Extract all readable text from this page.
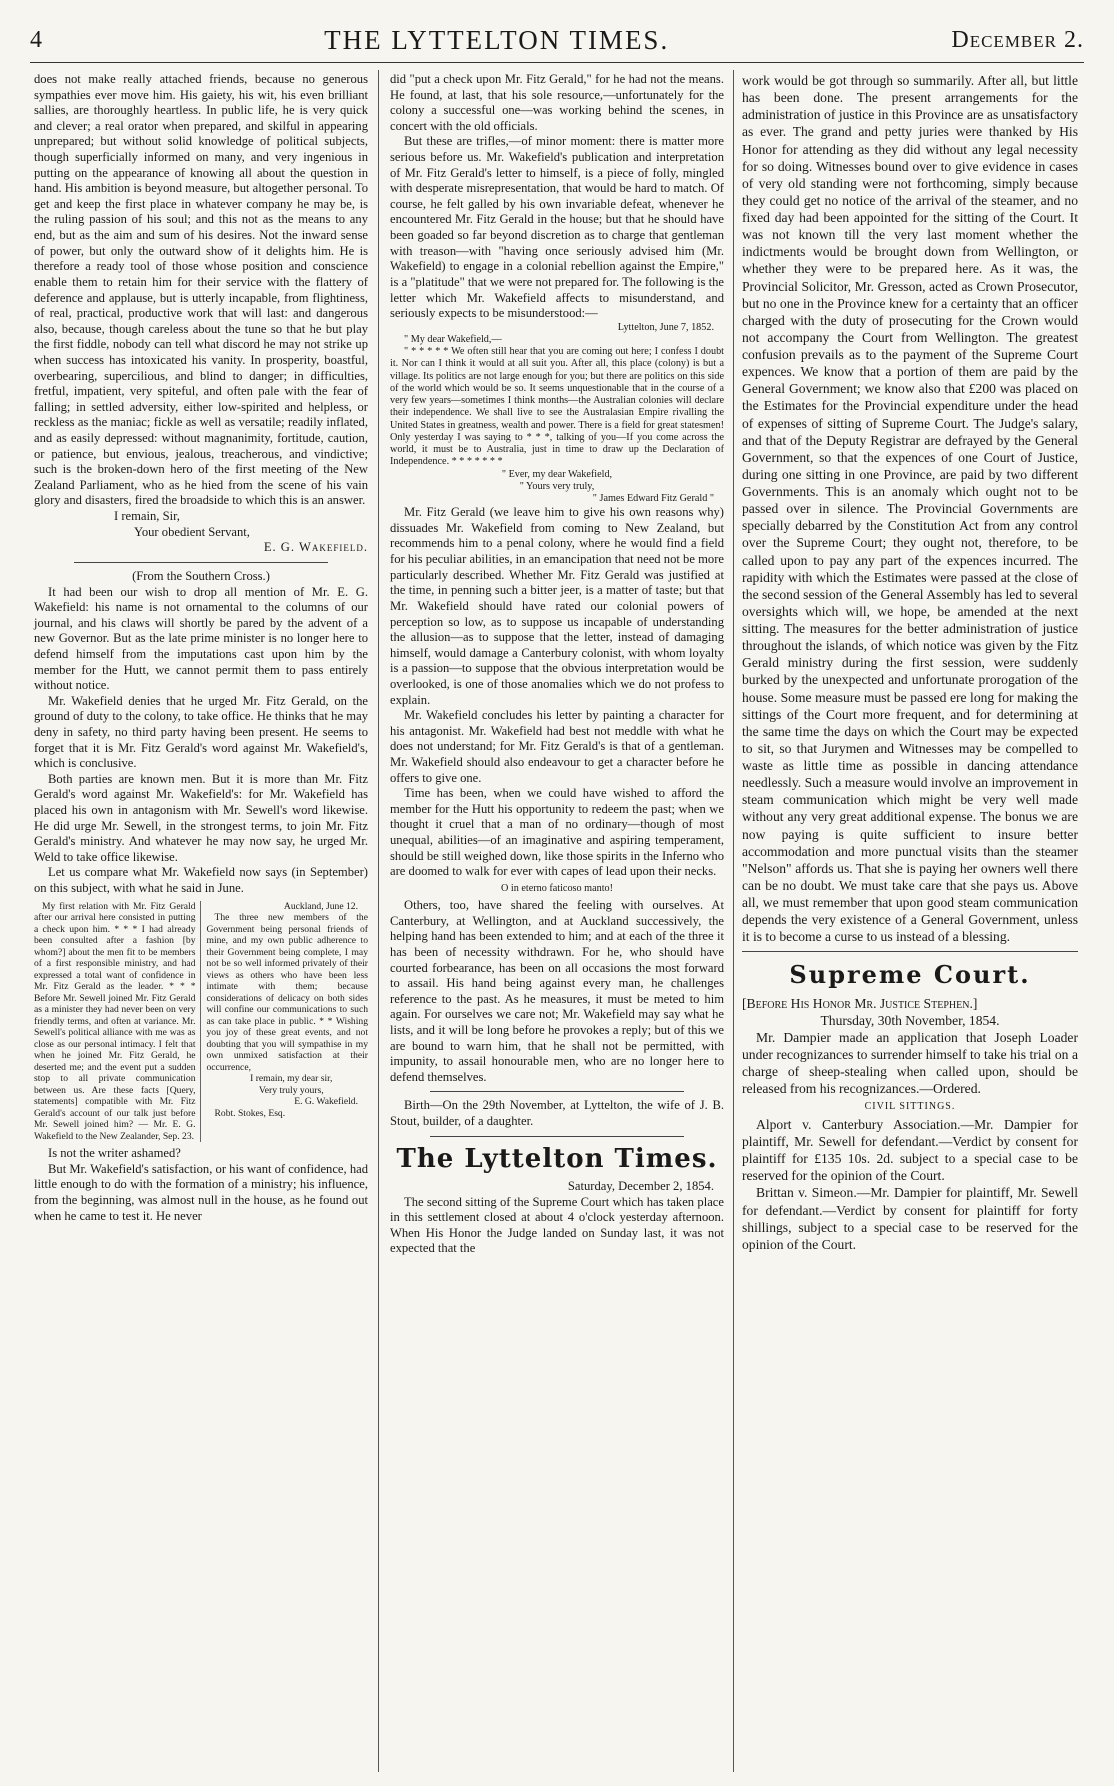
4	THE LYTTELTON TIMES.	December 2.

does not make really attached friends, because no generous sympathies ever move him. His gaiety, his wit, his even brilliant sallies, are thoroughly heartless. In public life, he is very quick and clever; a real orator when prepared, and skilful in appearing unprepared; but without solid knowledge of political subjects, though superficially informed on many, and very ingenious in putting on the appearance of knowing all about the question in hand. His ambition is beyond measure, but altogether personal. To get and keep the first place in whatever company he may be, is the ruling passion of his soul; and this not as the means to any end, but as the aim and sum of his desires. Not the inward sense of power, but only the outward show of it delights him. He is therefore a ready tool of those whose position and conscience enable them to retain him for their service with the flattery of deference and applause, but is utterly incapable, from flightiness, of real, practical, productive work that will last: and dangerous also, because, though careless about the tune so that he but play the first fiddle, nobody can tell what discord he may not strike up when success has intoxicated his vanity. In prosperity, boastful, overbearing, supercilious, and blind to danger; in difficulties, fretful, impatient, very spiteful, and often pale with the fear of falling; in settled adversity, either low-spirited and helpless, or reckless as the maniac; fickle as well as versatile; readily inflated, and as easily depressed: without magnanimity, fortitude, caution, or patience, but envious, jealous, treacherous, and vindictive; such is the broken-down hero of the first meeting of the New Zealand Parliament, who as he hied from the scene of his vain glory and disasters, fired the broadside to which this is an answer.

I remain, Sir,

Your obedient Servant,

E. G. Wakefield.

(From the Southern Cross.)

It had been our wish to drop all mention of Mr. E. G. Wakefield: his name is not ornamental to the columns of our journal, and his claws will shortly be pared by the advent of a new Governor. But as the late prime minister is no longer here to defend himself from the imputations cast upon him by the member for the Hutt, we cannot permit them to pass entirely without notice.

Mr. Wakefield denies that he urged Mr. Fitz Gerald, on the ground of duty to the colony, to take office. He thinks that he may deny in safety, no third party having been present. He seems to forget that it is Mr. Fitz Gerald's word against Mr. Wakefield's, which is conclusive.

Both parties are known men. But it is more than Mr. Fitz Gerald's word against Mr. Wakefield's: for Mr. Wakefield has placed his own in antagonism with Mr. Sewell's word likewise. He did urge Mr. Sewell, in the strongest terms, to join Mr. Fitz Gerald's ministry. And whatever he may now say, he urged Mr. Weld to take office likewise.

Let us compare what Mr. Wakefield now says (in September) on this subject, with what he said in June.

My first relation with Mr. Fitz Gerald after our arrival here consisted in putting a check upon him. * * * I had already been consulted after a fashion [by whom?] about the men fit to be members of a first responsible ministry, and had expressed a total want of confidence in Mr. Fitz Gerald as the leader. * * * Before Mr. Sewell joined Mr. Fitz Gerald as a minister they had never been on very friendly terms, and often at variance. Mr. Sewell's political alliance with me was as close as our personal intimacy. I felt that when he joined Mr. Fitz Gerald, he deserted me; and the event put a sudden stop to all private communication between us. Are these facts [Query, statements] compatible with Mr. Fitz Gerald's account of our talk just before Mr. Sewell joined him? — Mr. E. G. Wakefield to the New Zealander, Sep. 23.

Auckland, June 12.

The three new members of the Government being personal friends of mine, and my own public adherence to their Government being complete, I may not be so well informed privately of their views as others who have been less intimate with them; because considerations of delicacy on both sides will confine our communications to such as can take place in public. * * Wishing you joy of these great events, and not doubting that you will sympathise in my own unmixed satisfaction at their occurrence,

I remain, my dear sir,

Very truly yours,

E. G. Wakefield.

Robt. Stokes, Esq.

Is not the writer ashamed?

But Mr. Wakefield's satisfaction, or his want of confidence, had little enough to do with the formation of a ministry; his influence, from the beginning, was almost null in the house, as he found out when he came to test it. He never

did "put a check upon Mr. Fitz Gerald," for he had not the means. He found, at last, that his sole resource,—unfortunately for the colony a successful one—was working behind the scenes, in concert with the old officials.

But these are trifles,—of minor moment: there is matter more serious before us. Mr. Wakefield's publication and interpretation of Mr. Fitz Gerald's letter to himself, is a piece of folly, mingled with desperate misrepresentation, that would be hard to match. Of course, he felt galled by his own invariable defeat, whenever he encountered Mr. Fitz Gerald in the house; but that he should have been goaded so far beyond discretion as to charge that gentleman with treason—with "having once seriously advised him (Mr. Wakefield) to engage in a colonial rebellion against the Empire," is a "platitude" that we were not prepared for. The following is the letter which Mr. Wakefield affects to misunderstand, and seriously expects to be misunderstood:—

Lyttelton, June 7, 1852.

" My dear Wakefield,—

" * * * * * We often still hear that you are coming out here; I confess I doubt it. Nor can I think it would at all suit you. After all, this place (colony) is but a village. Its politics are not large enough for you; but there are politics on this side of the world which would be so. It seems unquestionable that in the course of a very few years—sometimes I think months—the Australian colonies will declare their independence. We shall live to see the Australasian Empire rivalling the United States in greatness, wealth and power. There is a field for great statesmen! Only yesterday I was saying to * * *, talking of you—If you come across the world, it must be to Australia, just in time to draw up the Declaration of Independence. * * * * * * *

" Ever, my dear Wakefield,

" Yours very truly,

" James Edward Fitz Gerald "

Mr. Fitz Gerald (we leave him to give his own reasons why) dissuades Mr. Wakefield from coming to New Zealand, but recommends him to a penal colony, where he would find a field for his peculiar abilities, in an emancipation that need not be more particularly described. Whether Mr. Fitz Gerald was justified at the time, in penning such a bitter jeer, is a matter of taste; but that Mr. Wakefield should have rated our colonial powers of perception so low, as to suppose us incapable of understanding the allusion—as to suppose that the letter, instead of damaging himself, would damage a Canterbury colonist, with whom loyalty is a passion—to suppose that the obvious interpretation would be overlooked, is one of those anomalies which we do not profess to explain.

Mr. Wakefield concludes his letter by painting a character for his antagonist. Mr. Wakefield had best not meddle with what he does not understand; for Mr. Fitz Gerald's is that of a gentleman. Mr. Wakefield should also endeavour to get a character before he offers to give one.

Time has been, when we could have wished to afford the member for the Hutt his opportunity to redeem the past; when we thought it cruel that a man of no ordinary—though of most unequal, abilities—of an imaginative and aspiring temperament, should be still weighed down, like those spirits in the Inferno who are doomed to walk for ever with capes of lead upon their necks.

O in eterno faticoso manto!

Others, too, have shared the feeling with ourselves. At Canterbury, at Wellington, and at Auckland successively, the helping hand has been extended to him; and at each of the three it has been of necessity withdrawn. For he, who should have courted forbearance, has been on all occasions the most forward to assail. His hand being against every man, he challenges reference to the past. As he measures, it must be meted to him again. For ourselves we care not; Mr. Wakefield may say what he lists, and it will be long before he provokes a reply; but of this we are bound to warn him, that he shall not be permitted, with impunity, to assail honourable men, who are no longer here to defend themselves.

Birth—On the 29th November, at Lyttelton, the wife of J. B. Stout, builder, of a daughter.

The Lyttelton Times.

Saturday, December 2, 1854.

The second sitting of the Supreme Court which has taken place in this settlement closed at about 4 o'clock yesterday afternoon. When His Honor the Judge landed on Sunday last, it was not expected that the

work would be got through so summarily. After all, but little has been done. The present arrangements for the administration of justice in this Province are as unsatisfactory as ever. The grand and petty juries were thanked by His Honor for attending as they did without any legal necessity for so doing. Witnesses bound over to give evidence in cases of very old standing were not forthcoming, simply because they could get no notice of the arrival of the steamer, and no fixed day had been appointed for the sitting of the Court. It was not known till the very last moment whether the indictments would be brought down from Wellington, or whether they were to be prepared here. As it was, the Provincial Solicitor, Mr. Gresson, acted as Crown Prosecutor, but no one in the Province knew for a certainty that an officer charged with the duty of prosecuting for the Crown would not accompany the Court from Wellington. The greatest confusion prevails as to the payment of the Supreme Court expences. We know that a portion of them are paid by the General Government; we know also that £200 was placed on the Estimates for the Provincial expenditure under the head of expenses of sitting of Supreme Court. The Judge's salary, and that of the Deputy Registrar are defrayed by the General Government, so that the expences of one Court of Justice, during one sitting in one Province, are paid by two different Governments. This is an anomaly which ought not to be passed over in silence. The Provincial Governments are specially debarred by the Constitution Act from any control over the Supreme Court; they ought not, therefore, to be called upon to pay any part of the expences incurred. The rapidity with which the Estimates were passed at the close of the second session of the General Assembly has led to several oversights which will, we hope, be amended at the next sitting. The measures for the better administration of justice throughout the islands, of which notice was given by the Fitz Gerald ministry during the first session, were suddenly burked by the unexpected and unfortunate prorogation of the house. Some measure must be passed ere long for making the sittings of the Court more frequent, and for determining at the same time the days on which the Court may be expected to sit, so that Jurymen and Witnesses may be compelled to waste as little time as possible in dancing attendance needlessly. Such a measure would involve an improvement in steam communication which might be very well made without any very great additional expense. The bonus we are now paying is quite sufficient to insure better accommodation and more punctual visits than the steamer "Nelson" affords us. That she is paying her owners well there can be no doubt. We must take care that she pays us. Above all, we must remember that upon good steam communication depends the very existence of a General Government, unless it is to become a curse to us instead of a blessing.

Supreme Court.

[Before His Honor Mr. Justice Stephen.]

Thursday, 30th November, 1854.

Mr. Dampier made an application that Joseph Loader under recognizances to surrender himself to take his trial on a charge of sheep-stealing when called upon, should be released from his recognizances.—Ordered.

CIVIL SITTINGS.

Alport v. Canterbury Association.—Mr. Dampier for plaintiff, Mr. Sewell for defendant.—Verdict by consent for plaintiff for £135 10s. 2d. subject to a special case to be reserved for the opinion of the Court.

Brittan v. Simeon.—Mr. Dampier for plaintiff, Mr. Sewell for defendant.—Verdict by consent for plaintiff for forty shillings, subject to a special case to be reserved for the opinion of the Court.
